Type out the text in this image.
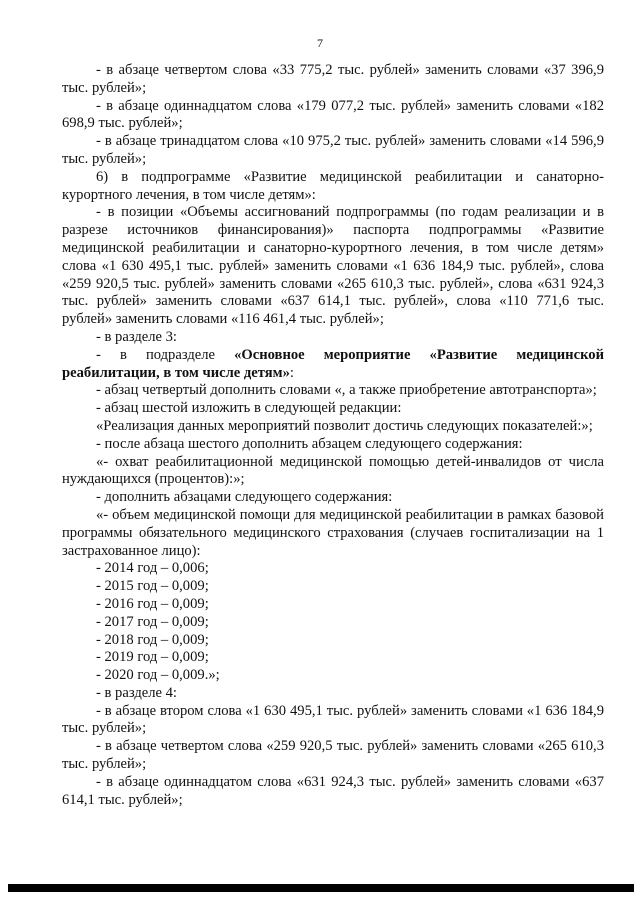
7

- в абзаце четвертом слова «33 775,2 тыс. рублей» заменить словами «37 396,9 тыс. рублей»;

- в абзаце одиннадцатом слова «179 077,2 тыс. рублей» заменить словами «182 698,9 тыс. рублей»;

- в абзаце тринадцатом слова «10 975,2 тыс. рублей» заменить словами «14 596,9 тыс. рублей»;

6) в подпрограмме «Развитие медицинской реабилитации и санаторно-курортного лечения, в том числе детям»:

- в позиции «Объемы ассигнований подпрограммы (по годам реализации и в разрезе источников финансирования)» паспорта подпрограммы «Развитие медицинской реабилитации и санаторно-курортного лечения, в том числе детям» слова «1 630 495,1 тыс. рублей» заменить словами «1 636 184,9 тыс. рублей», слова «259 920,5 тыс. рублей» заменить словами «265 610,3 тыс. рублей», слова «631 924,3 тыс. рублей» заменить словами «637 614,1 тыс. рублей», слова «110 771,6 тыс. рублей» заменить словами «116 461,4 тыс. рублей»;

- в разделе 3:

- в подразделе «Основное мероприятие «Развитие медицинской реабилитации, в том числе детям»:

- абзац четвертый дополнить словами «, а также приобретение автотранспорта»;

- абзац шестой изложить в следующей редакции:

«Реализация данных мероприятий позволит достичь следующих показателей:»;

- после абзаца шестого дополнить абзацем следующего содержания:

«- охват реабилитационной медицинской помощью детей-инвалидов от числа нуждающихся (процентов):»;

- дополнить абзацами следующего содержания:

«- объем медицинской помощи для медицинской реабилитации в рамках базовой программы обязательного медицинского страхования (случаев госпитализации на 1 застрахованное лицо):

- 2014 год – 0,006;

- 2015 год – 0,009;

- 2016 год – 0,009;

- 2017 год – 0,009;

- 2018 год – 0,009;

- 2019 год – 0,009;

- 2020 год – 0,009.»;

- в разделе 4:

- в абзаце втором слова «1 630 495,1 тыс. рублей» заменить словами «1 636 184,9 тыс. рублей»;

- в абзаце четвертом слова «259 920,5 тыс. рублей» заменить словами «265 610,3 тыс. рублей»;

- в абзаце одиннадцатом слова «631 924,3 тыс. рублей» заменить словами «637 614,1 тыс. рублей»;
